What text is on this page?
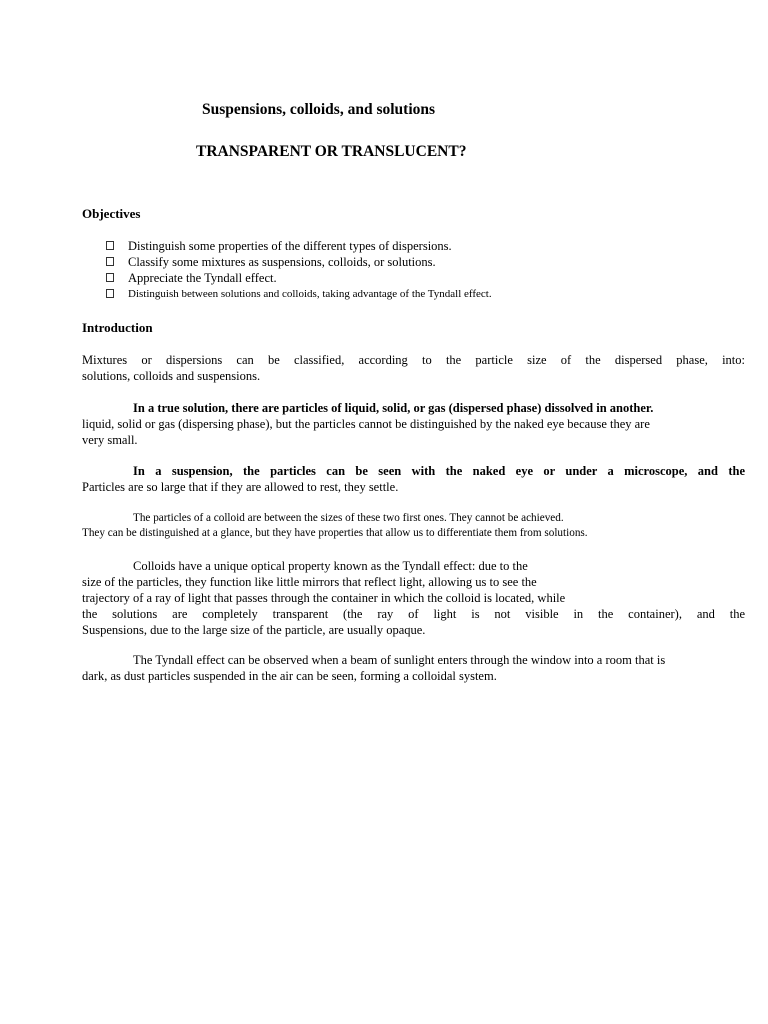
Suspensions, colloids, and solutions
TRANSPARENT OR TRANSLUCENT?
Objectives
Distinguish some properties of the different types of dispersions.
Classify some mixtures as suspensions, colloids, or solutions.
Appreciate the Tyndall effect.
Distinguish between solutions and colloids, taking advantage of the Tyndall effect.
Introduction
Mixtures or dispersions can be classified, according to the particle size of the dispersed phase, into:
solutions, colloids and suspensions.
In a true solution, there are particles of liquid, solid, or gas (dispersed phase) dissolved in another.
liquid, solid or gas (dispersing phase), but the particles cannot be distinguished by the naked eye because they are
very small.
In a suspension, the particles can be seen with the naked eye or under a microscope, and the
Particles are so large that if they are allowed to rest, they settle.
The particles of a colloid are between the sizes of these two first ones. They cannot be achieved.
They can be distinguished at a glance, but they have properties that allow us to differentiate them from solutions.
Colloids have a unique optical property known as the Tyndall effect: due to the
size of the particles, they function like little mirrors that reflect light, allowing us to see the
trajectory of a ray of light that passes through the container in which the colloid is located, while
the solutions are completely transparent (the ray of light is not visible in the container), and the
Suspensions, due to the large size of the particle, are usually opaque.
The Tyndall effect can be observed when a beam of sunlight enters through the window into a room that is
dark, as dust particles suspended in the air can be seen, forming a colloidal system.
